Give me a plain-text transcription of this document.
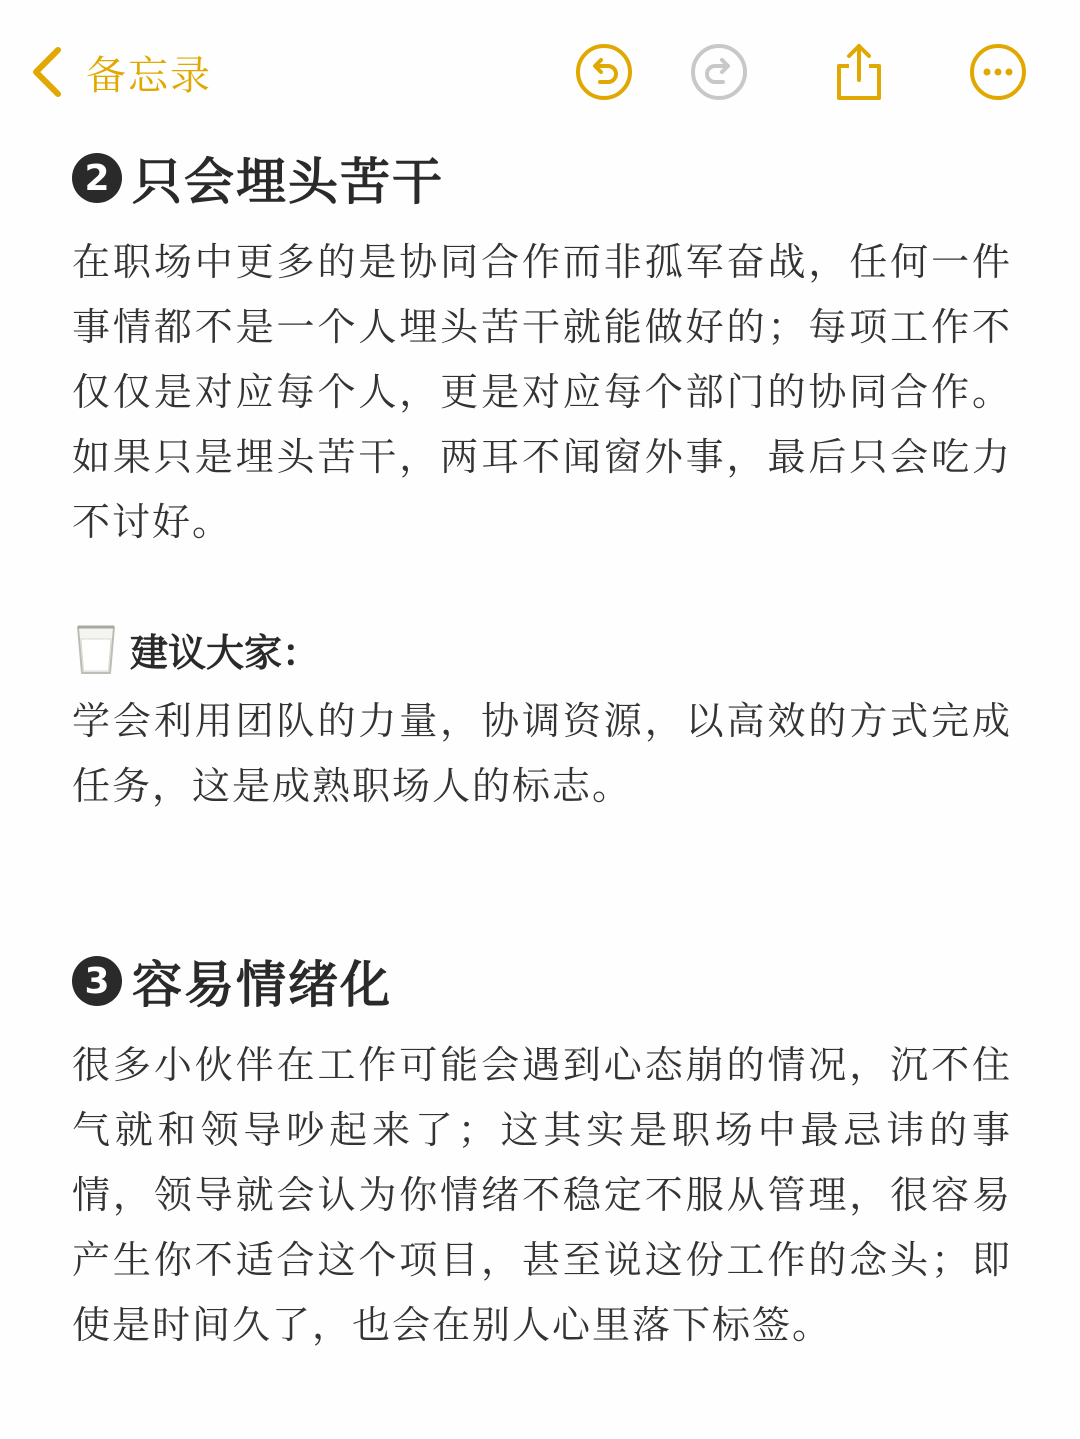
备忘录
2 只会埋头苦干

在职场中更多的是协同合作而非孤军奋战，任何一件事情都不是一个人埋头苦干就能做好的；每项工作不仅仅是对应每个人，更是对应每个部门的协同合作。如果只是埋头苦干，两耳不闻窗外事，最后只会吃力不讨好。

建议大家：

学会利用团队的力量，协调资源，以高效的方式完成任务，这是成熟职场人的标志。

3 容易情绪化

很多小伙伴在工作可能会遇到心态崩的情况，沉不住气就和领导吵起来了；这其实是职场中最忌讳的事情，领导就会认为你情绪不稳定不服从管理，很容易产生你不适合这个项目，甚至说这份工作的念头；即使是时间久了，也会在别人心里落下标签。
